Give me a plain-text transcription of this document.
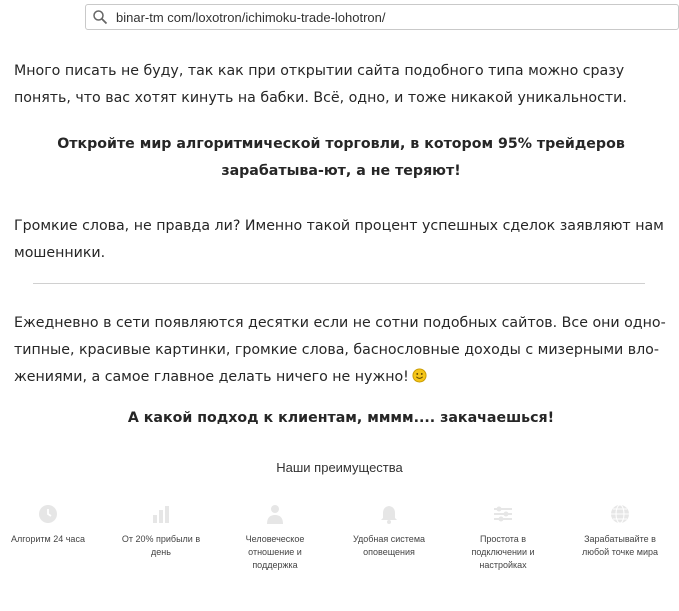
binar-tm com/loxotron/ichimoku-trade-lohotron/

Много писать не буду, так как при открытии сайта подобного типа можно сразу понять, что вас хотят кинуть на бабки. Всё, одно, и тоже никакой уникальности.

Откройте мир алгоритмической торговли, в котором 95% трейдеров зарабатыва-ют, а не теряют!

Громкие слова, не правда ли? Именно такой процент успешных сделок заявляют нам мошенники.

Ежедневно в сети появляются десятки если не сотни подобных сайтов. Все они одно-типные, красивые картинки, громкие слова, баснословные доходы с мизерными вло-жениями, а самое главное делать ничего не нужно!

А какой подход к клиентам, мммм.... закачаешься!

Наши преимущества
Алгоритм 24 часа	От 20% прибыли в день
Человеческое отношение и поддержка
Удобная система оповещения
Простота в подключении и настройках
Зарабатывайте в любой точке мира
